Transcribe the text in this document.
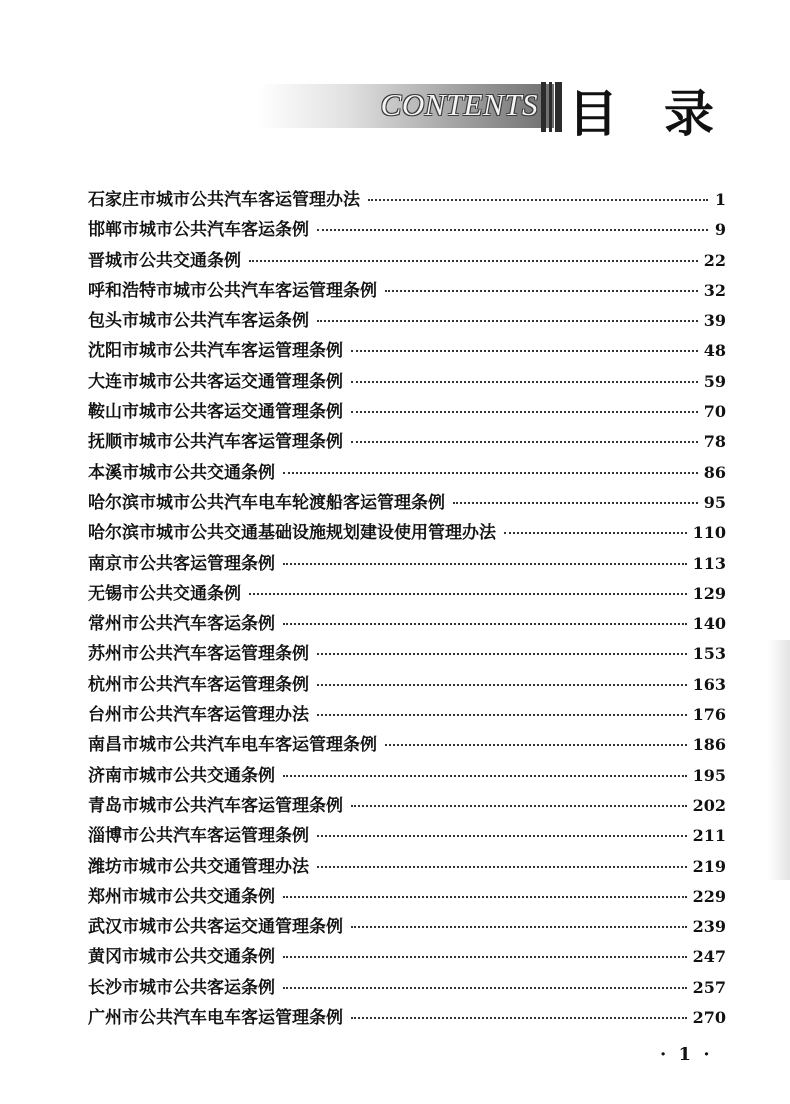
CONTENTS 目录
石家庄市城市公共汽车客运管理办法	1
邯郸市城市公共汽车客运条例	9
晋城市公共交通条例	22
呼和浩特市城市公共汽车客运管理条例	32
包头市城市公共汽车客运条例	39
沈阳市城市公共汽车客运管理条例	48
大连市城市公共客运交通管理条例	59
鞍山市城市公共客运交通管理条例	70
抚顺市城市公共汽车客运管理条例	78
本溪市城市公共交通条例	86
哈尔滨市城市公共汽车电车轮渡船客运管理条例	95
哈尔滨市城市公共交通基础设施规划建设使用管理办法	110
南京市公共客运管理条例	113
无锡市公共交通条例	129
常州市公共汽车客运条例	140
苏州市公共汽车客运管理条例	153
杭州市公共汽车客运管理条例	163
台州市公共汽车客运管理办法	176
南昌市城市公共汽车电车客运管理条例	186
济南市城市公共交通条例	195
青岛市城市公共汽车客运管理条例	202
淄博市公共汽车客运管理条例	211
潍坊市城市公共交通管理办法	219
郑州市城市公共交通条例	229
武汉市城市公共客运交通管理条例	239
黄冈市城市公共交通条例	247
长沙市城市公共客运条例	257
广州市公共汽车电车客运管理条例	270
· 1 ·
